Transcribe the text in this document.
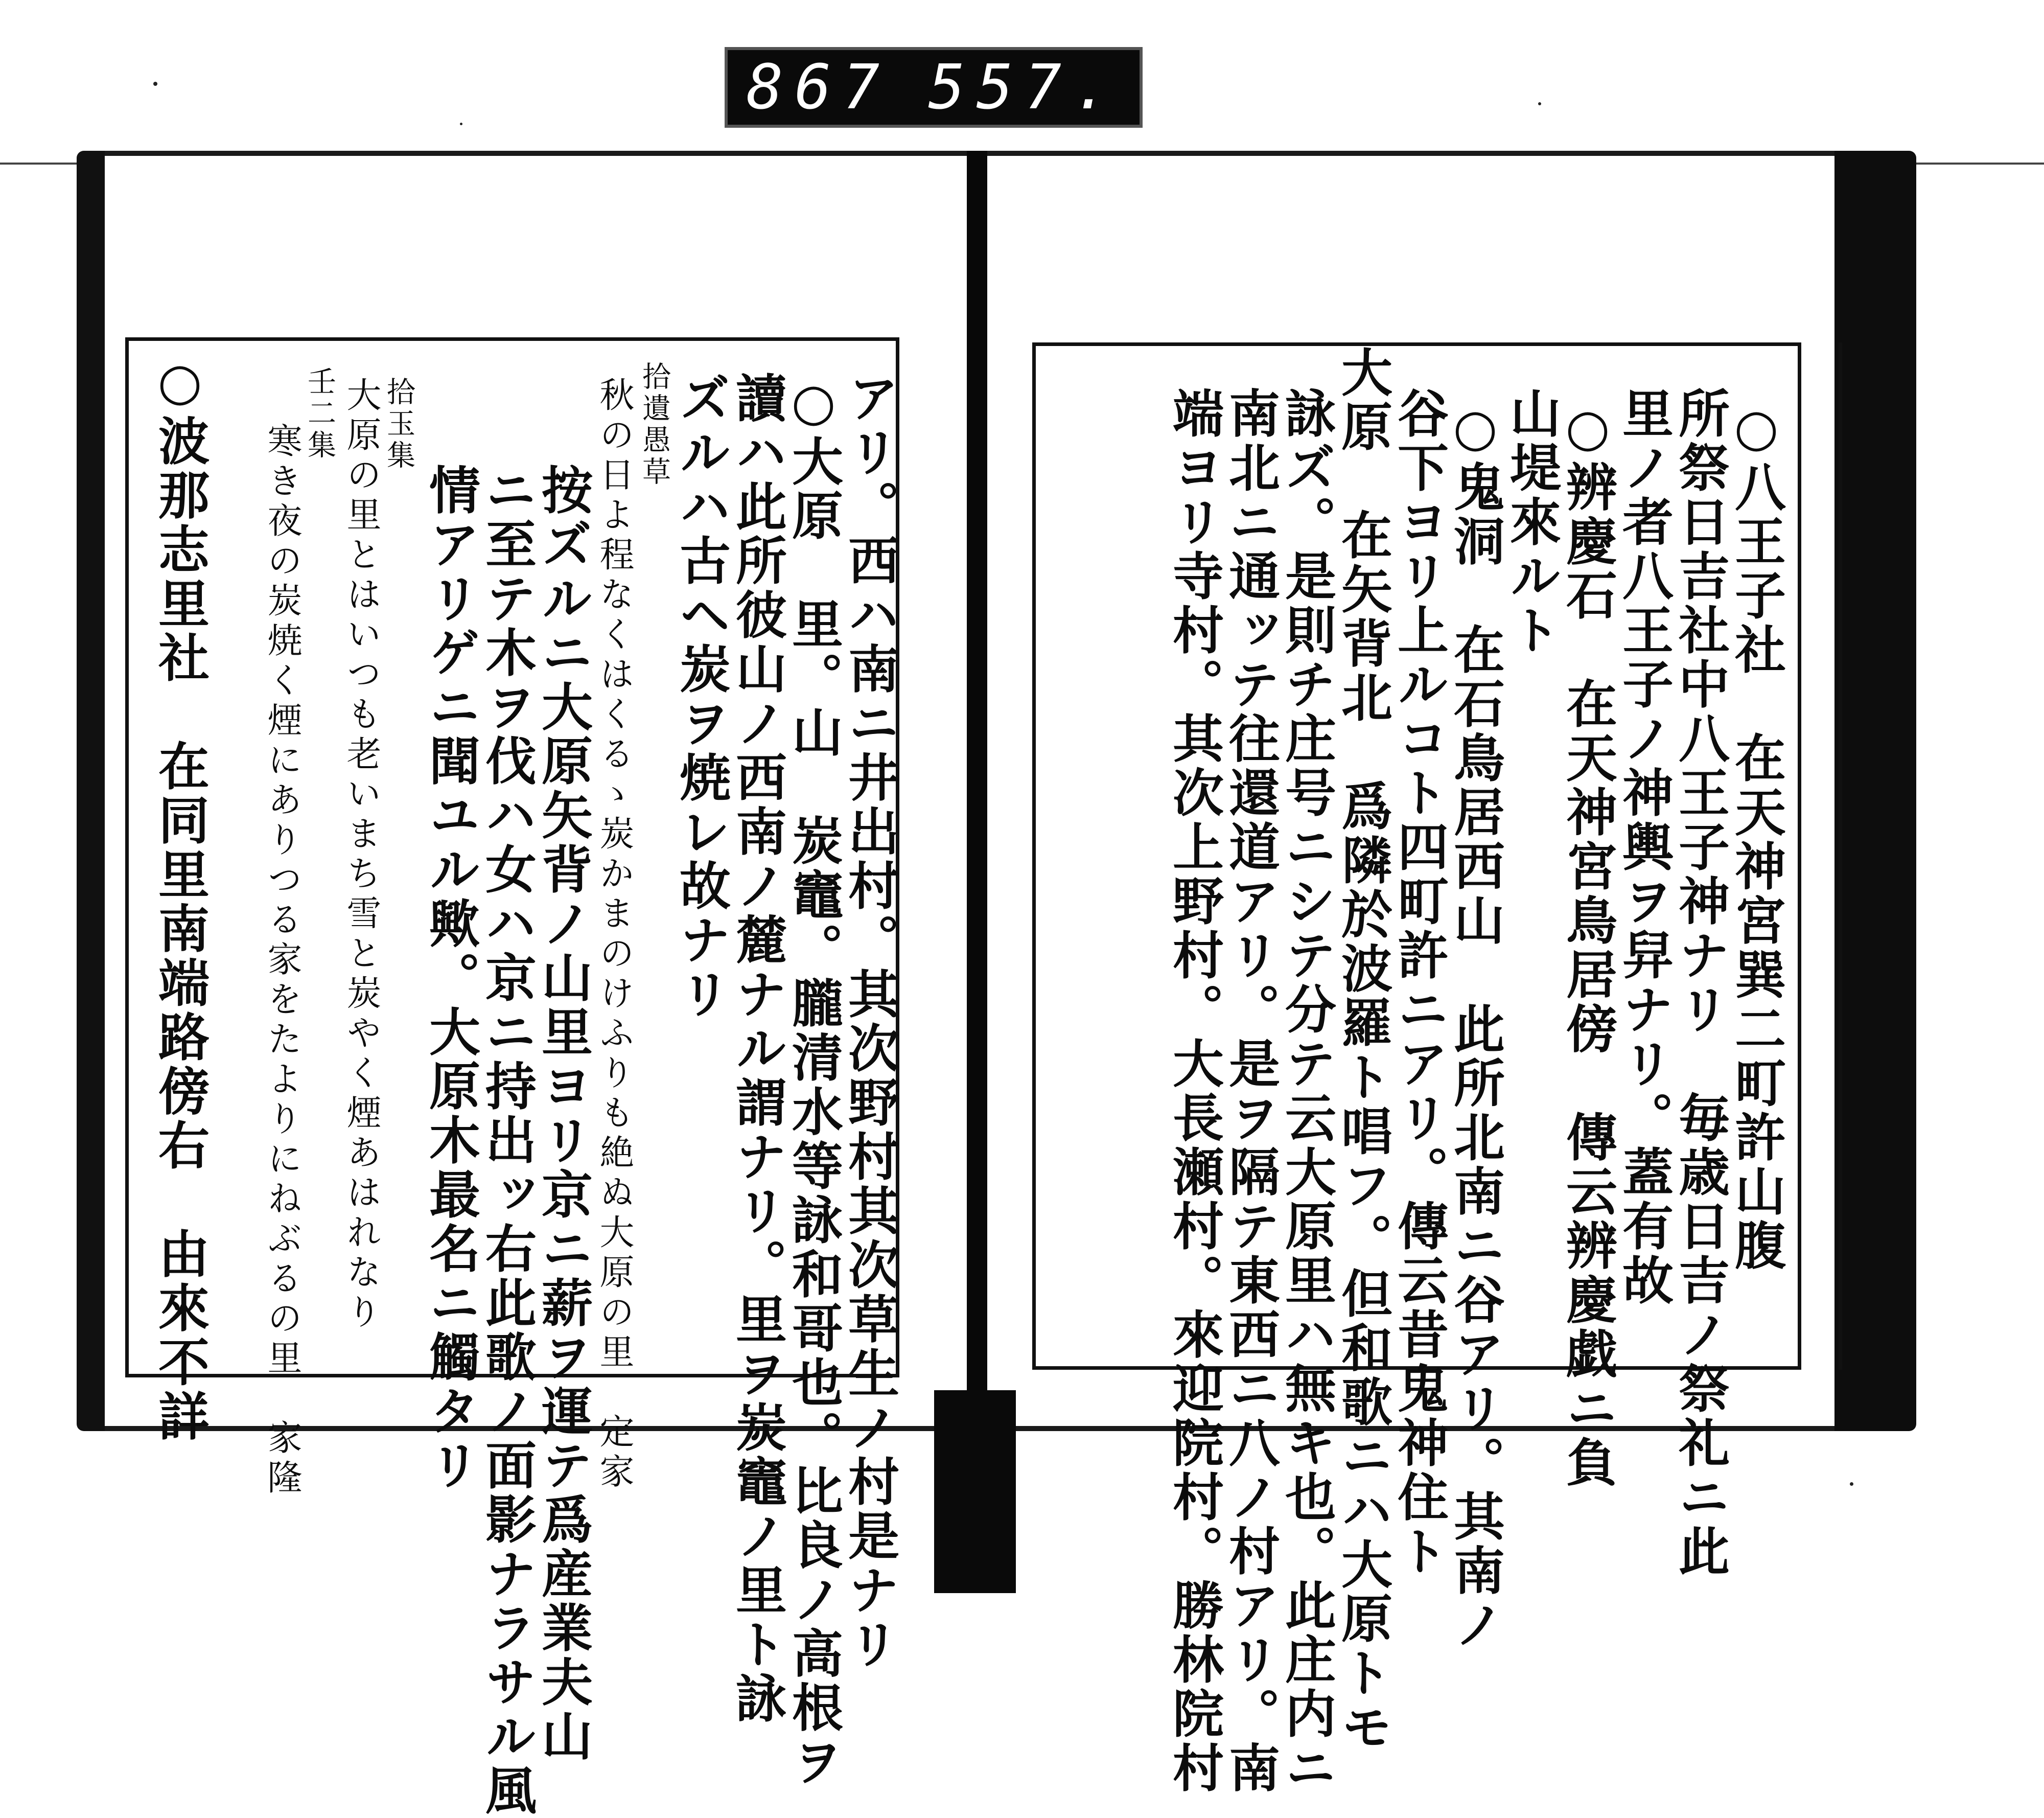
867 557.
アリ。西ハ南ニ井出村。其次野村其次草生ノ村是ナリ
○大原　里。山　炭竈。朧清水等詠和哥也。比良ノ高根ヲ
讀ハ此所彼山ノ西南ノ麓ナル謂ナリ。里ヲ炭竈ノ里ト詠
ズルハ古ヘ炭ヲ焼レ故ナリ
拾遺愚草
秋の日よ程なくはくるゝ炭かまのけふりも絶ぬ大原の里　定家
按ズルニ大原矢背ノ山里ヨリ京ニ薪ヲ運テ爲産業夫山
ニ至テ木ヲ伐ハ女ハ京ニ持出ッ右此歌ノ面影ナラサル風
情アリゲニ聞ユル歟。大原木最名ニ觸タリ
拾玉集
大原の里とはいつも老いまち雪と炭やく煙あはれなり
壬二集
寒き夜の炭焼く煙にありつる家をたよりにねぶるの里　家隆
○波那志里社　在同里南端路傍右　由來不詳	○八王子社　在天神宮巽二町許山腹
所祭日吉社中八王子神ナリ　毎歳日吉ノ祭礼ニ此
里ノ者八王子ノ神輿ヲ舁ナリ。蓋有故
○辨慶石　在天神宮鳥居傍　傳云辨慶戯ニ負
山堤來ルト
○鬼洞　在石鳥居西山　此所北南ニ谷アリ。其南ノ
谷下ヨリ上ルコト四町許ニアリ。傳云昔鬼神住ト
大原　在矢背北　爲隣於波羅ト唱フ。但和歌ニハ大原トモ
詠ズ。是則チ庄号ニシテ分テ云大原里ハ無キ也。此庄内ニ
南北ニ通ッテ往還道アリ。是ヲ隔テ東西ニ八ノ村アリ。南
端ヨリ寺村。其次上野村。大長瀬村。來迎院村。勝林院村
